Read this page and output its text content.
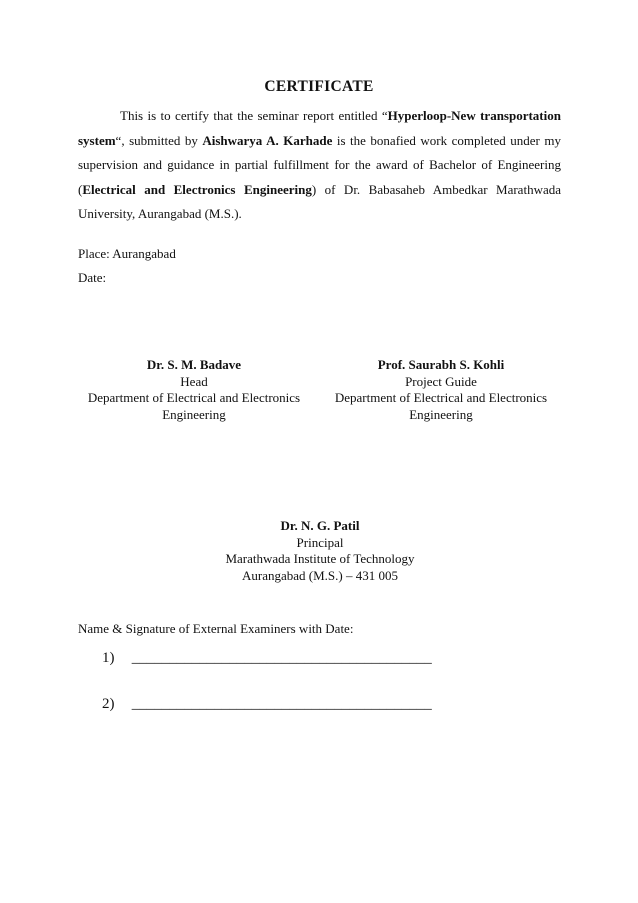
CERTIFICATE

This is to certify that the seminar report entitled “Hyperloop-New transportation system“, submitted by Aishwarya A. Karhade is the bonafied work completed under my supervision and guidance in partial fulfillment for the award of Bachelor of Engineering (Electrical and Electronics Engineering) of Dr. Babasaheb Ambedkar Marathwada University, Aurangabad (M.S.).

Place: Aurangabad
Date:
Dr. S. M. Badave
Head
Department of Electrical and Electronics
Engineering
Prof. Saurabh S. Kohli
Project Guide
Department of Electrical and Electronics
Engineering
Dr. N. G. Patil
Principal
Marathwada Institute of Technology
Aurangabad (M.S.) – 431 005
Name & Signature of External Examiners with Date:
1) ________________________________________
2) ________________________________________
